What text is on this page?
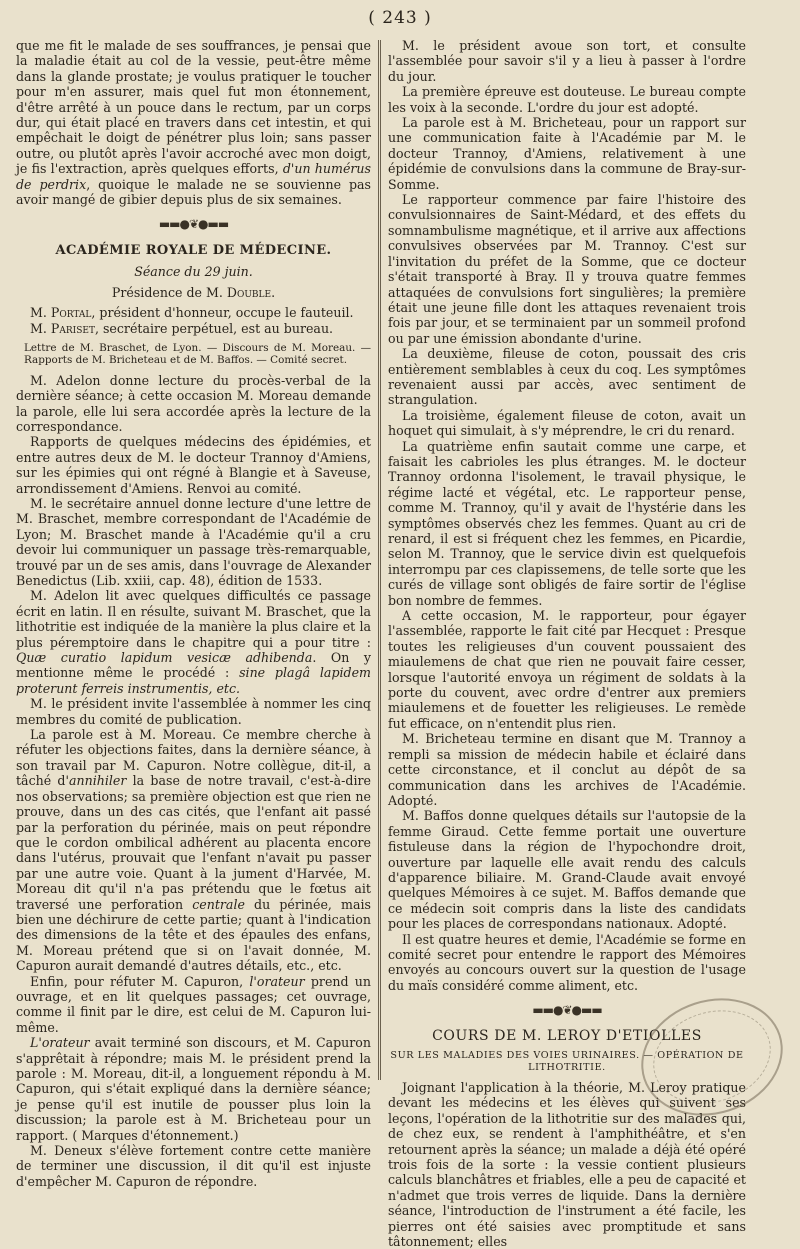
( 243 )

que me fit le malade de ses souffrances, je pensai que la maladie était au col de la vessie, peut-être même dans la glande prostate; je voulus pratiquer le toucher pour m'en assurer, mais quel fut mon étonnement, d'être arrêté à un pouce dans le rectum, par un corps dur, qui était placé en travers dans cet intestin, et qui empêchait le doigt de pénétrer plus loin; sans passer outre, ou plutôt après l'avoir accroché avec mon doigt, je fis l'extraction, après quelques efforts, d'un humérus de perdrix, quoique le malade ne se souvienne pas avoir mangé de gibier depuis plus de six semaines.

▬▬●❦●▬▬
ACADÉMIE ROYALE DE MÉDECINE.

Séance du 29 juin.

Présidence de M. Double.

M. Portal, président d'honneur, occupe le fauteuil.

M. Pariset, secrétaire perpétuel, est au bureau.

Lettre de M. Braschet, de Lyon. — Discours de M. Moreau. — Rapports de M. Bricheteau et de M. Baffos. — Comité secret.

M. Adelon donne lecture du procès-verbal de la dernière séance; à cette occasion M. Moreau demande la parole, elle lui sera accordée après la lecture de la correspondance.

Rapports de quelques médecins des épidémies, et entre autres deux de M. le docteur Trannoy d'Amiens, sur les épimies qui ont régné à Blangie et à Saveuse, arrondissement d'Amiens. Renvoi au comité.

M. le secrétaire annuel donne lecture d'une lettre de M. Braschet, membre correspondant de l'Académie de Lyon; M. Braschet mande à l'Académie qu'il a cru devoir lui communiquer un passage très-remarquable, trouvé par un de ses amis, dans l'ouvrage de Alexander Benedictus (Lib. xxiii, cap. 48), édition de 1533.

M. Adelon lit avec quelques difficultés ce passage écrit en latin. Il en résulte, suivant M. Braschet, que la lithotritie est indiquée de la manière la plus claire et la plus péremptoire dans le chapitre qui a pour titre : Quæ curatio lapidum vesicæ adhibenda. On y mentionne même le procédé : sine plagâ lapidem proterunt ferreis instrumentis, etc.

M. le président invite l'assemblée à nommer les cinq membres du comité de publication.

La parole est à M. Moreau. Ce membre cherche à réfuter les objections faites, dans la dernière séance, à son travail par M. Capuron. Notre collègue, dit-il, a tâché d'annihiler la base de notre travail, c'est-à-dire nos observations; sa première objection est que rien ne prouve, dans un des cas cités, que l'enfant ait passé par la perforation du périnée, mais on peut répondre que le cordon ombilical adhérent au placenta encore dans l'utérus, prouvait que l'enfant n'avait pu passer par une autre voie. Quant à la jument d'Harvée, M. Moreau dit qu'il n'a pas prétendu que le fœtus ait traversé une perforation centrale du périnée, mais bien une déchirure de cette partie; quant à l'indication des dimensions de la tête et des épaules des enfans, M. Moreau prétend que si on l'avait donnée, M. Capuron aurait demandé d'autres détails, etc., etc.

Enfin, pour réfuter M. Capuron, l'orateur prend un ouvrage, et en lit quelques passages; cet ouvrage, comme il finit par le dire, est celui de M. Capuron lui-même.

L'orateur avait terminé son discours, et M. Capuron s'apprêtait à répondre; mais M. le président prend la parole : M. Moreau, dit-il, a longuement répondu à M. Capuron, qui s'était expliqué dans la dernière séance; je pense qu'il est inutile de pousser plus loin la discussion; la parole est à M. Bricheteau pour un rapport. ( Marques d'étonnement.)

M. Deneux s'élève fortement contre cette manière de terminer une discussion, il dit qu'il est injuste d'empêcher M. Capuron de répondre.

M. le président avoue son tort, et consulte l'assemblée pour savoir s'il y a lieu à passer à l'ordre du jour.

La première épreuve est douteuse. Le bureau compte les voix à la seconde. L'ordre du jour est adopté.

La parole est à M. Bricheteau, pour un rapport sur une communication faite à l'Académie par M. le docteur Trannoy, d'Amiens, relativement à une épidémie de convulsions dans la commune de Bray-sur-Somme.

Le rapporteur commence par faire l'histoire des convulsionnaires de Saint-Médard, et des effets du somnambulisme magnétique, et il arrive aux affections convulsives observées par M. Trannoy. C'est sur l'invitation du préfet de la Somme, que ce docteur s'était transporté à Bray. Il y trouva quatre femmes attaquées de convulsions fort singulières; la première était une jeune fille dont les attaques revenaient trois fois par jour, et se terminaient par un sommeil profond ou par une émission abondante d'urine.

La deuxième, fileuse de coton, poussait des cris entièrement semblables à ceux du coq. Les symptômes revenaient aussi par accès, avec sentiment de strangulation.

La troisième, également fileuse de coton, avait un hoquet qui simulait, à s'y méprendre, le cri du renard.

La quatrième enfin sautait comme une carpe, et faisait les cabrioles les plus étranges. M. le docteur Trannoy ordonna l'isolement, le travail physique, le régime lacté et végétal, etc. Le rapporteur pense, comme M. Trannoy, qu'il y avait de l'hystérie dans les symptômes observés chez les femmes. Quant au cri de renard, il est si fréquent chez les femmes, en Picardie, selon M. Trannoy, que le service divin est quelquefois interrompu par ces clapissemens, de telle sorte que les curés de village sont obligés de faire sortir de l'église bon nombre de femmes.

A cette occasion, M. le rapporteur, pour égayer l'assemblée, rapporte le fait cité par Hecquet : Presque toutes les religieuses d'un couvent poussaient des miaulemens de chat que rien ne pouvait faire cesser, lorsque l'autorité envoya un régiment de soldats à la porte du couvent, avec ordre d'entrer aux premiers miaulemens et de fouetter les religieuses. Le remède fut efficace, on n'entendit plus rien.

M. Bricheteau termine en disant que M. Trannoy a rempli sa mission de médecin habile et éclairé dans cette circonstance, et il conclut au dépôt de sa communication dans les archives de l'Académie. Adopté.

M. Baffos donne quelques détails sur l'autopsie de la femme Giraud. Cette femme portait une ouverture fistuleuse dans la région de l'hypochondre droit, ouverture par laquelle elle avait rendu des calculs d'apparence biliaire. M. Grand-Claude avait envoyé quelques Mémoires à ce sujet. M. Baffos demande que ce médecin soit compris dans la liste des candidats pour les places de correspondans nationaux. Adopté.

Il est quatre heures et demie, l'Académie se forme en comité secret pour entendre le rapport des Mémoires envoyés au concours ouvert sur la question de l'usage du maïs considéré comme aliment, etc.

▬▬●❦●▬▬
COURS DE M. LEROY D'ETIOLLES

SUR LES MALADIES DES VOIES URINAIRES. — OPÉRATION DE LITHOTRITIE.

Joignant l'application à la théorie, M. Leroy pratique devant les médecins et les élèves qui suivent ses leçons, l'opération de la lithotritie sur des malades qui, de chez eux, se rendent à l'amphithéâtre, et s'en retournent après la séance; un malade a déjà été opéré trois fois de la sorte : la vessie contient plusieurs calculs blanchâtres et friables, elle a peu de capacité et n'admet que trois verres de liquide. Dans la dernière séance, l'introduction de l'instrument a été facile, les pierres ont été saisies avec promptitude et sans tâtonnement; elles
